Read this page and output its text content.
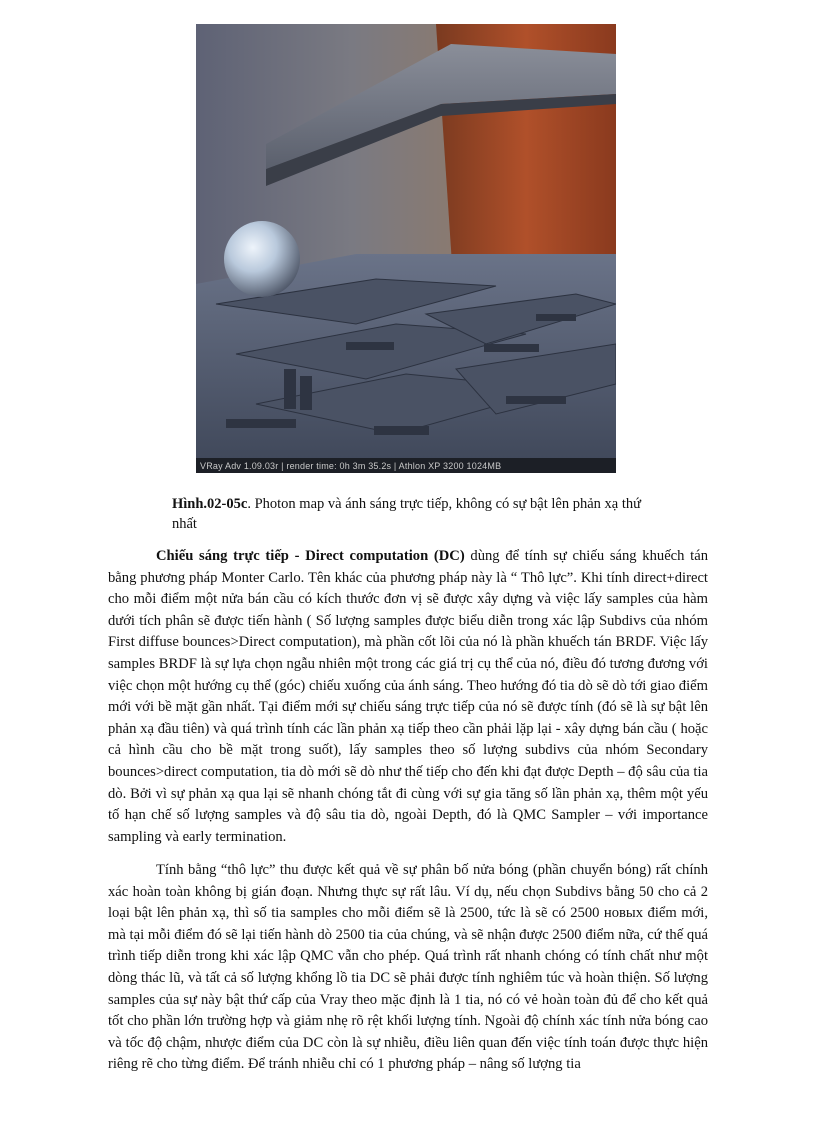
VRay Adv 1.09.03r | render time: 0h 3m 35.2s | Athlon XP 3200 1024MB
Hình.02-05c. Photon map và ánh sáng trực tiếp, không có sự bật lên phản xạ thứ nhất

Chiếu sáng trực tiếp - Direct computation (DC) dùng để tính sự chiếu sáng khuếch tán bằng phương pháp Monter Carlo. Tên khác của phương pháp này là “ Thô lực”. Khi tính direct+direct cho mỗi điểm một nửa bán cầu có kích thước đơn vị sẽ được xây dựng và việc lấy samples của hàm dưới tích phân sẽ được tiến hành ( Số lượng samples được biểu diễn trong xác lập Subdivs của nhóm First diffuse bounces>Direct computation), mà phần cốt lõi của nó là phần khuếch tán BRDF. Việc lấy samples BRDF là sự lựa chọn ngẫu nhiên một trong các giá trị cụ thể của nó, điều đó tương đương với việc chọn một hướng cụ thể (góc) chiếu xuống của ánh sáng. Theo hướng đó tia dò sẽ dò tới giao điểm mới với bề mặt gần nhất. Tại điểm mới sự chiếu sáng trực tiếp của nó sẽ được tính (đó sẽ là sự bật lên phản xạ đầu tiên) và quá trình tính các lần phản xạ tiếp theo cần phải lặp lại - xây dựng bán cầu ( hoặc cả hình cầu cho bề mặt trong suốt), lấy samples theo số lượng subdivs của nhóm Secondary bounces>direct computation, tia dò mới sẽ dò như thế tiếp cho đến khi đạt được Depth – độ sâu của tia dò. Bởi vì sự phản xạ qua lại sẽ nhanh chóng tắt đi cùng với sự gia tăng số lần phản xạ, thêm một yếu tố hạn chế số lượng samples và độ sâu tia dò, ngoài Depth, đó là QMC Sampler – với importance sampling và early termination.

Tính bằng “thô lực” thu được kết quả về sự phân bố nửa bóng (phần chuyển bóng) rất chính xác hoàn toàn không bị gián đoạn. Nhưng thực sự rất lâu. Ví dụ, nếu chọn Subdivs bằng 50 cho cả 2 loại bật lên phản xạ, thì số tia samples cho mỗi điểm sẽ là 2500, tức là sẽ có 2500 новых điểm mới, mà tại mỗi điểm đó sẽ lại tiến hành dò 2500 tia của chúng, và sẽ nhận được 2500 điểm nữa, cứ thế quá trình tiếp diễn trong khi xác lập QMC vẫn cho phép. Quá trình rất nhanh chóng có tính chất như một dòng thác lũ, và tất cả số lượng khổng lồ tia DC sẽ phải được tính nghiêm túc và hoàn thiện. Số lượng samples của sự này bật thứ cấp của Vray theo mặc định là 1 tia, nó có vẻ hoàn toàn đủ để cho kết quả tốt cho phần lớn trường hợp và giảm nhẹ rõ rệt khối lượng tính. Ngoài độ chính xác tính nửa bóng cao và tốc độ chậm, nhược điểm của DC còn là sự nhiễu, điều liên quan đến việc tính toán được thực hiện riêng rẽ cho từng điểm. Để tránh nhiễu chỉ có 1 phương pháp – nâng số lượng tia
